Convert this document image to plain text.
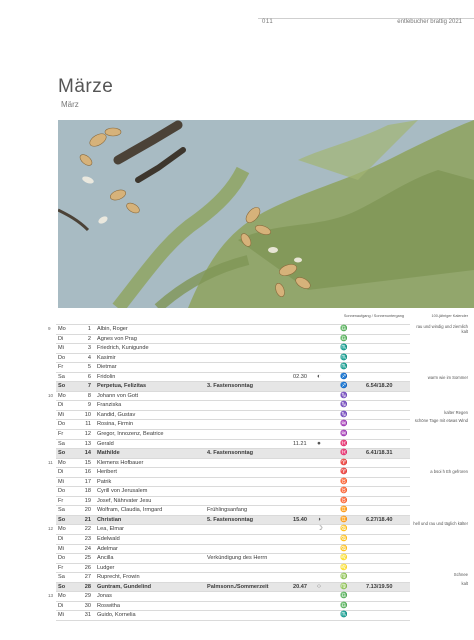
011	entlebucher brattig 2021
Märze
März
Sonnenaufgang / Sonnenuntergang	100-jähriger Kalender
9 Mo	1 Albin, Roger	♎
Di	2 Agnes von Prag	♎
Mi	3 Friedrich, Kunigunde	♏
Do	4 Kasimir	♏
Fr	5 Dietmar	♏
Sa	6 Fridolin	02.30 ◐	♐
So	7 Perpetua, Felizitas	3. Fastensonntag	♐	6.54/18.20
10 Mo	8 Johann von Gott	♑
Di	9 Franziska	♑
Mi	10 Kandid, Gustav	♑
Do	11 Rosina, Firmin	♒
Fr	12 Gregor, Innozenz, Beatrice	♒
Sa	13 Gerald	11.21 ●	♓
So	14 Mathilde	4. Fastensonntag	♓	6.41/18.31
11 Mo	15 Klemens Hofbauer	♈
Di	16 Heribert	♈
Mi	17 Patrik	♉
Do	18 Cyrill von Jerusalem	♉
Fr	19 Josef, Nährvater Jesu	♉
Sa	20 Wolfram, Claudia, Irmgard	Frühlingsanfang	♊
So	21 Christian	5. Fastensonntag	15.40 ◑	♊	6.27/18.40
12 Mo	22 Lea, Elmar	☽	♋
Di	23 Edelwald	♋
Mi	24 Adelmar	♋
Do	25 Ancilla	Verkündigung des Herrn	♌
Fr	26 Ludger	♌
Sa	27 Ruprecht, Frowin	♍
So	28 Guntram, Gundelind	Palmsonn./Sommerzeit	20.47 ○	♍	7.13/19.50
13 Mo	29 Jonas	♎
Di	30 Roswitha	♎
Mi	31 Guido, Kornelia	♏
rau und windig und ziemlich kalt
warm wie im Sommer
kalter Regen
schöne Tage mit etwas Wind
a bsoi h Eh gefroren
hell und rau und täglich kälter
Schnee
kalt
